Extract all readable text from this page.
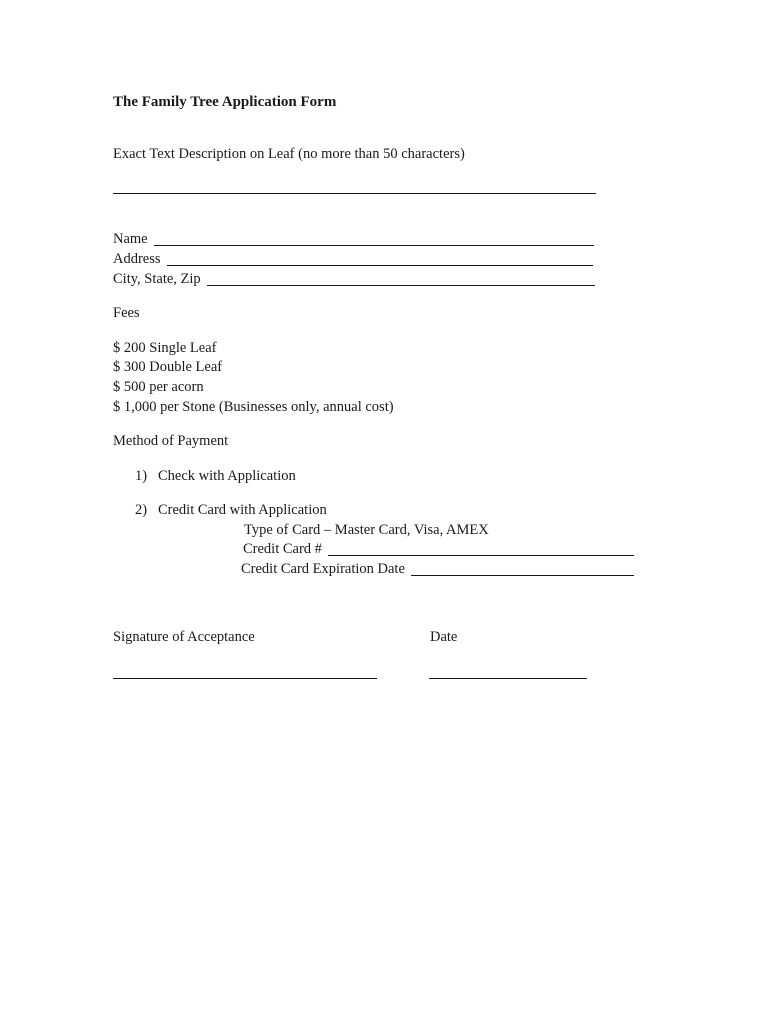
The Family Tree Application Form
Exact Text Description on Leaf (no more than 50 characters)
Name
Address
City, State, Zip
Fees
$ 200 Single Leaf
$ 300 Double Leaf
$ 500 per acorn
$ 1,000 per Stone (Businesses only, annual cost)
Method of Payment
1) Check with Application
2) Credit Card with Application
Type of Card – Master Card, Visa, AMEX
Credit Card #
Credit Card Expiration Date
Signature of Acceptance	Date
